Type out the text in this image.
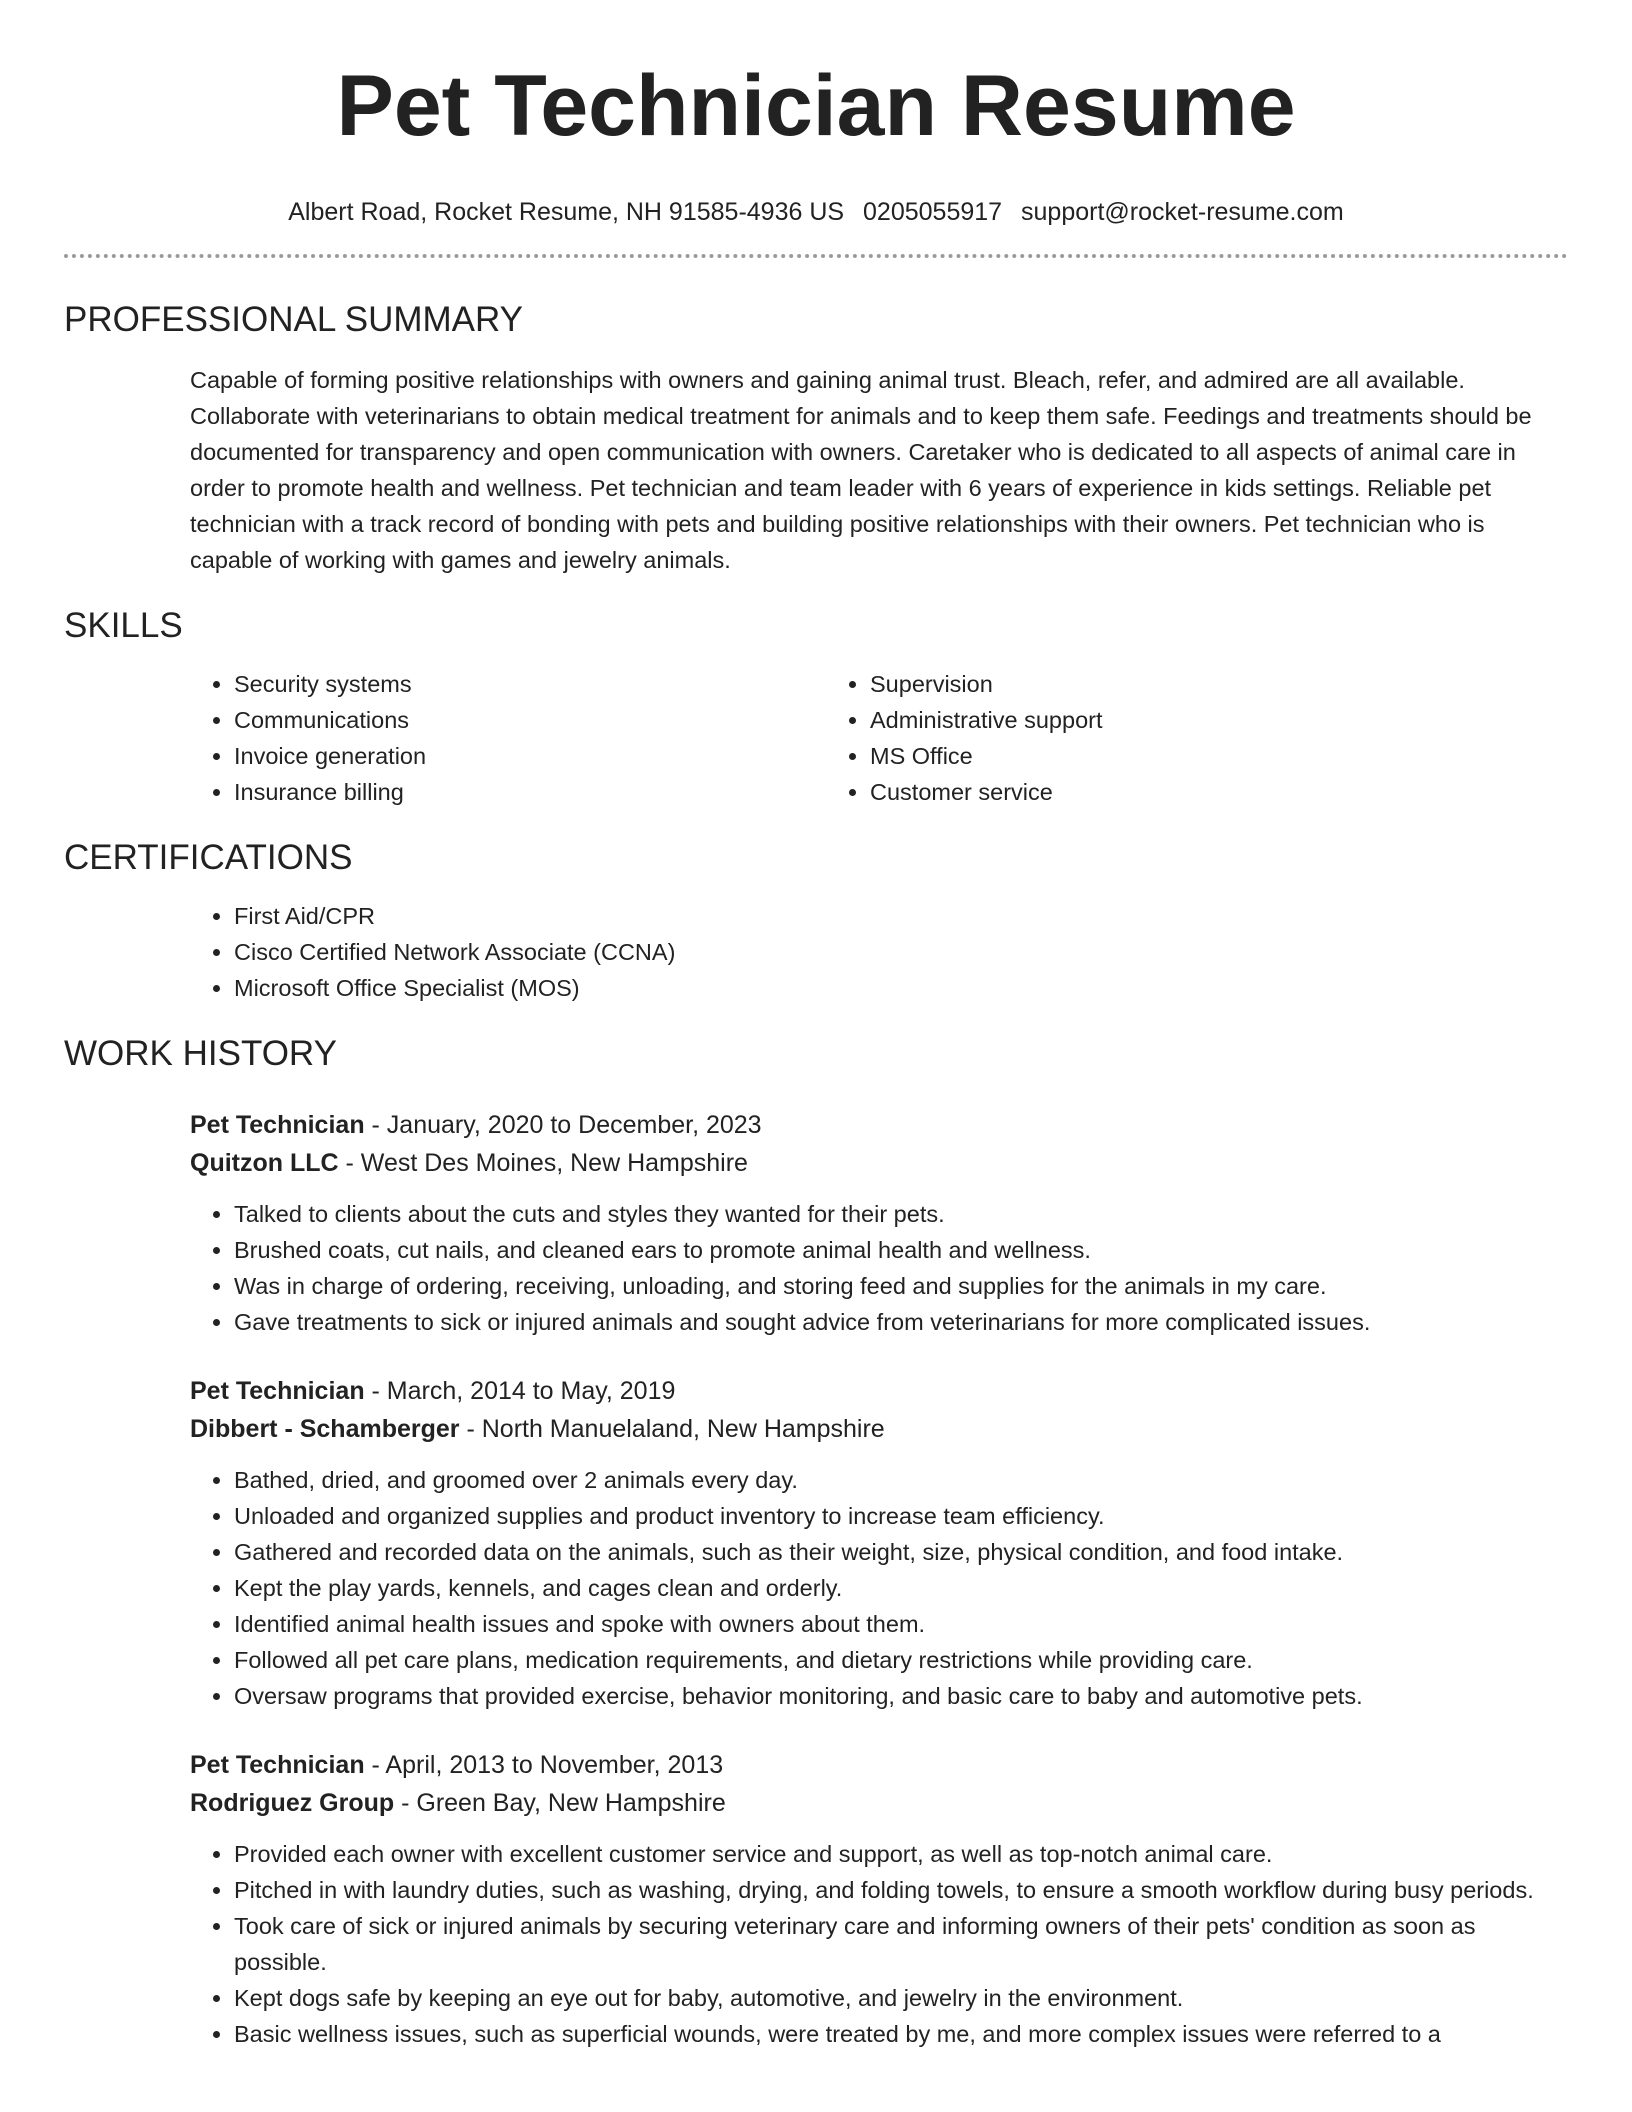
Pet Technician Resume
Albert Road, Rocket Resume, NH 91585-4936 US 0205055917 support@rocket-resume.com
PROFESSIONAL SUMMARY

Capable of forming positive relationships with owners and gaining animal trust. Bleach, refer, and admired are all available. Collaborate with veterinarians to obtain medical treatment for animals and to keep them safe. Feedings and treatments should be documented for transparency and open communication with owners. Caretaker who is dedicated to all aspects of animal care in order to promote health and wellness. Pet technician and team leader with 6 years of experience in kids settings. Reliable pet technician with a track record of bonding with pets and building positive relationships with their owners. Pet technician who is capable of working with games and jewelry animals.

SKILLS
• Security systems
• Communications
• Invoice generation
• Insurance billing
• Supervision
• Administrative support
• MS Office
• Customer service
CERTIFICATIONS
• First Aid/CPR
• Cisco Certified Network Associate (CCNA)
• Microsoft Office Specialist (MOS)
WORK HISTORY
Pet Technician - January, 2020 to December, 2023
Quitzon LLC - West Des Moines, New Hampshire
• Talked to clients about the cuts and styles they wanted for their pets.
• Brushed coats, cut nails, and cleaned ears to promote animal health and wellness.
• Was in charge of ordering, receiving, unloading, and storing feed and supplies for the animals in my care.
• Gave treatments to sick or injured animals and sought advice from veterinarians for more complicated issues.
Pet Technician - March, 2014 to May, 2019
Dibbert - Schamberger - North Manuelaland, New Hampshire
• Bathed, dried, and groomed over 2 animals every day.
• Unloaded and organized supplies and product inventory to increase team efficiency.
• Gathered and recorded data on the animals, such as their weight, size, physical condition, and food intake.
• Kept the play yards, kennels, and cages clean and orderly.
• Identified animal health issues and spoke with owners about them.
• Followed all pet care plans, medication requirements, and dietary restrictions while providing care.
• Oversaw programs that provided exercise, behavior monitoring, and basic care to baby and automotive pets.
Pet Technician - April, 2013 to November, 2013
Rodriguez Group - Green Bay, New Hampshire
• Provided each owner with excellent customer service and support, as well as top-notch animal care.
• Pitched in with laundry duties, such as washing, drying, and folding towels, to ensure a smooth workflow during busy periods.
• Took care of sick or injured animals by securing veterinary care and informing owners of their pets' condition as soon as possible.
• Kept dogs safe by keeping an eye out for baby, automotive, and jewelry in the environment.
• Basic wellness issues, such as superficial wounds, were treated by me, and more complex issues were referred to a
